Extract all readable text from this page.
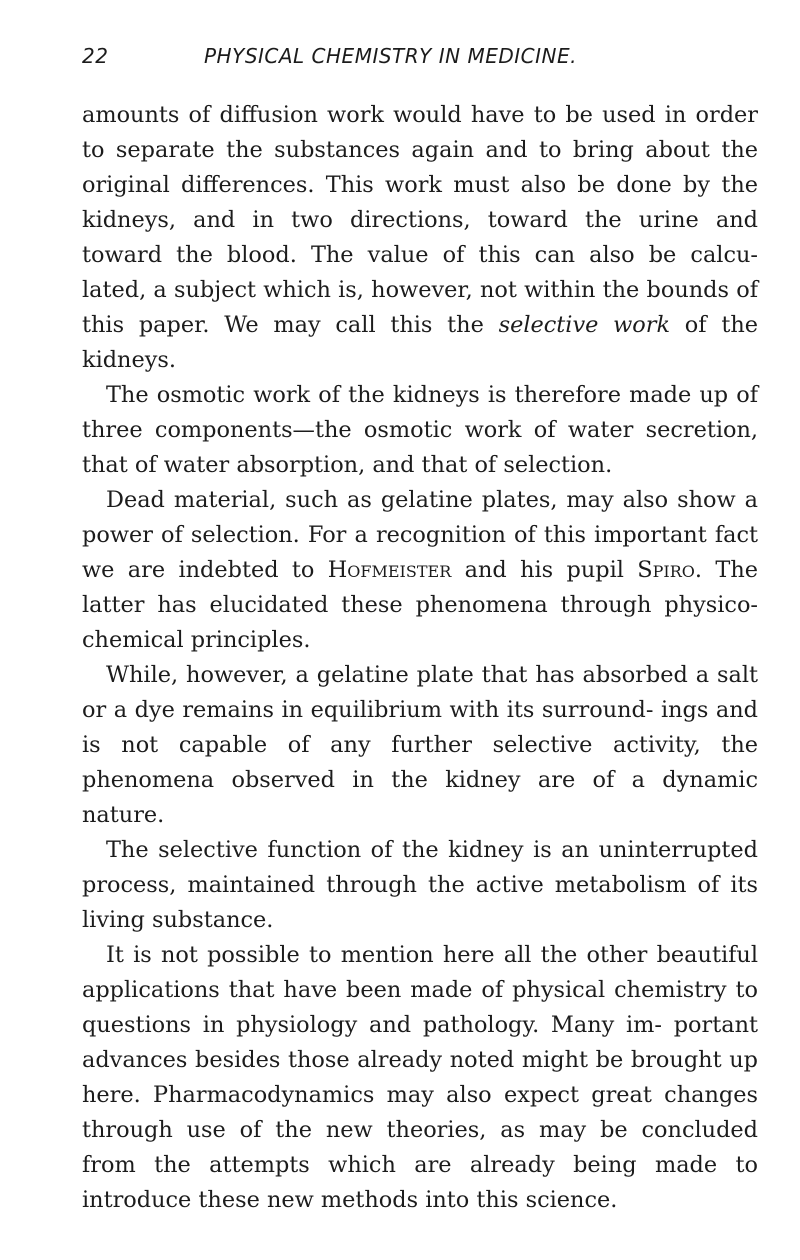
22	PHYSICAL CHEMISTRY IN MEDICINE.

amounts of diffusion work would have to be used in order to separate the substances again and to bring about the original differences. This work must also be done by the kidneys, and in two directions, toward the urine and toward the blood. The value of this can also be calcu- lated, a subject which is, however, not within the bounds of this paper. We may call this the selective work of the kidneys.

The osmotic work of the kidneys is therefore made up of three components—the osmotic work of water secretion, that of water absorption, and that of selection.

Dead material, such as gelatine plates, may also show a power of selection. For a recognition of this important fact we are indebted to Hofmeister and his pupil Spiro. The latter has elucidated these phenomena through physico-chemical principles.

While, however, a gelatine plate that has absorbed a salt or a dye remains in equilibrium with its surround- ings and is not capable of any further selective activity, the phenomena observed in the kidney are of a dynamic nature.

The selective function of the kidney is an uninterrupted process, maintained through the active metabolism of its living substance.

It is not possible to mention here all the other beautiful applications that have been made of physical chemistry to questions in physiology and pathology. Many im- portant advances besides those already noted might be brought up here. Pharmacodynamics may also expect great changes through use of the new theories, as may be concluded from the attempts which are already being made to introduce these new methods into this science.
